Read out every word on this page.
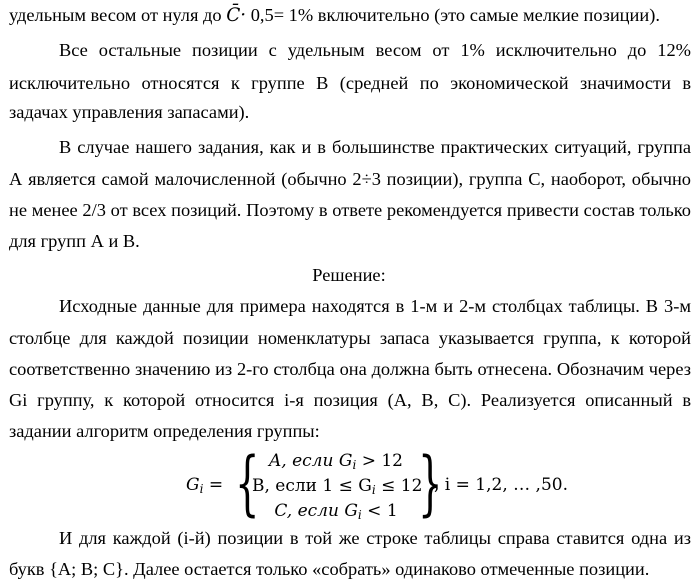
удельным весом от нуля до C̄· 0,5= 1% включительно (это самые мелкие позиции).
Все остальные позиции с удельным весом от 1% исключительно до 12%
исключительно относятся к группе В (средней по экономической значимости в
задачах управления запасами).
В случае нашего задания, как и в большинстве практических ситуаций, группа
А является самой малочисленной (обычно 2÷3 позиции), группа С, наоборот, обычно
не менее 2/3 от всех позиций. Поэтому в ответе рекомендуется привести состав только
для групп А и В.
Решение:
Исходные данные для примера находятся в 1-м и 2-м столбцах таблицы. В 3-м
столбце для каждой позиции номенклатуры запаса указывается группа, к которой
соответственно значению из 2-го столбца она должна быть отнесена. Обозначим через
Gi группу, к которой относится i-я позиция (A, B, C). Реализуется описанный в
задании алгоритм определения группы:
$G_i$ = { A, если $G_i > 12$
B, если $1 \le G_i \le 12$
C, если $G_i < 1$ }
, i = 1,2, … ,50.
И для каждой (i-й) позиции в той же строке таблицы справа ставится одна из
букв {A; B; C}. Далее остается только «собрать» одинаково отмеченные позиции.
